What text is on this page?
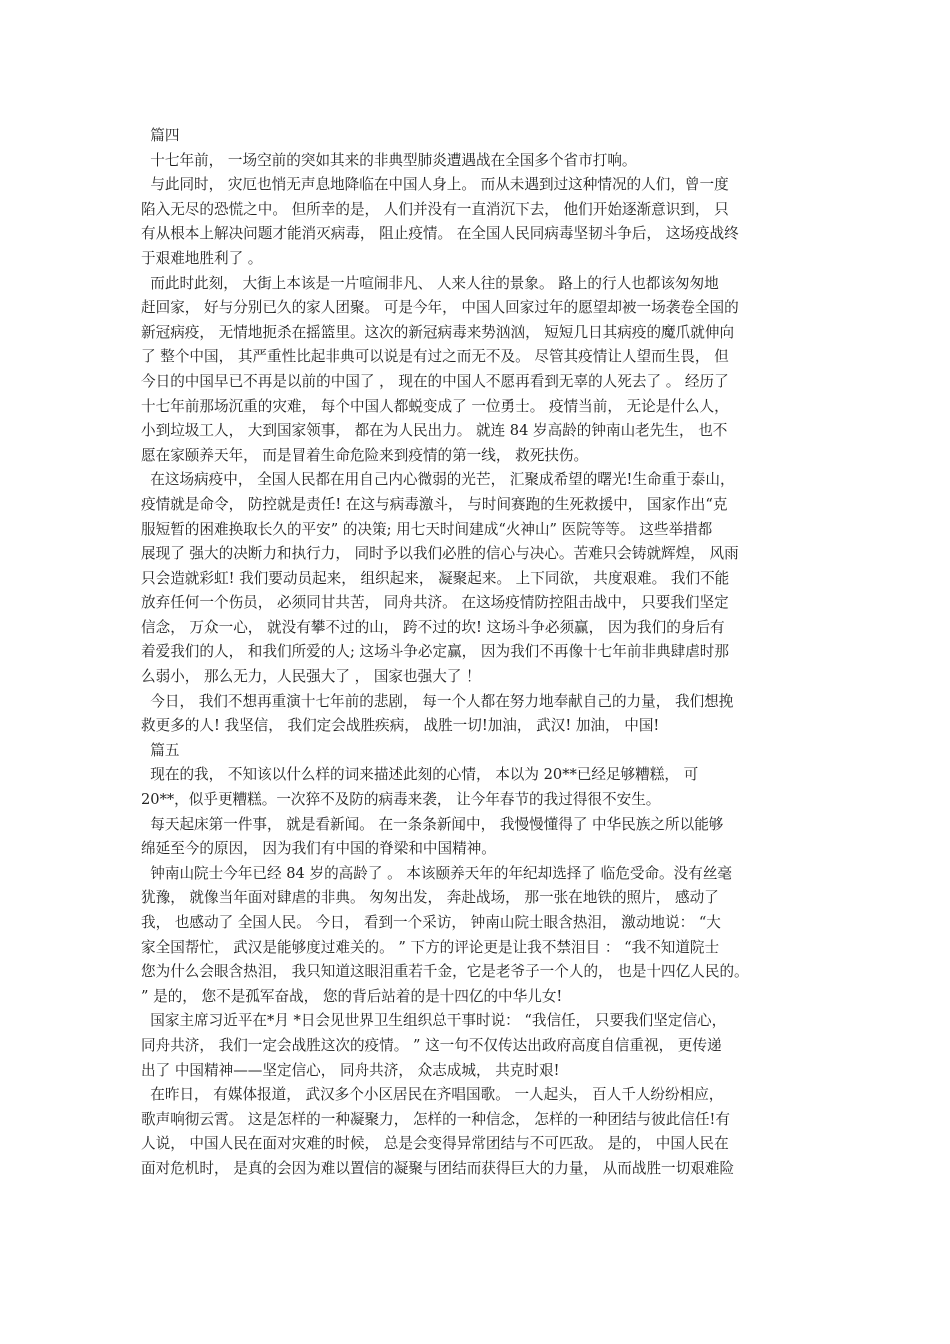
篇四
十七年前， 一场空前的突如其来的非典型肺炎遭遇战在全国多个省市打响。
与此同时， 灾厄也悄无声息地降临在中国人身上。 而从未遇到过这种情况的人们，曾一度
陷入无尽的恐慌之中。 但所幸的是， 人们并没有一直消沉下去， 他们开始逐渐意识到， 只
有从根本上解决问题才能消灭病毒， 阻止疫情。 在全国人民同病毒坚韧斗争后， 这场疫战终
于艰难地胜利了 。
而此时此刻， 大街上本该是一片喧闹非凡、 人来人往的景象。 路上的行人也都该匆匆地
赶回家， 好与分别已久的家人团聚。 可是今年， 中国人回家过年的愿望却被一场袭卷全国的
新冠病疫， 无情地扼杀在摇篮里。这次的新冠病毒来势汹汹， 短短几日其病疫的魔爪就伸向
了 整个中国， 其严重性比起非典可以说是有过之而无不及。 尽管其疫情让人望而生畏， 但
今日的中国早已不再是以前的中国了 ， 现在的中国人不愿再看到无辜的人死去了 。 经历了
十七年前那场沉重的灾难， 每个中国人都蜕变成了 一位勇士。 疫情当前， 无论是什么人，
小到垃圾工人， 大到国家领事， 都在为人民出力。 就连 84 岁高龄的钟南山老先生， 也不
愿在家颐养天年， 而是冒着生命危险来到疫情的第一线， 救死扶伤。
在这场病疫中， 全国人民都在用自己内心微弱的光芒， 汇聚成希望的曙光!生命重于泰山，
疫情就是命令， 防控就是责任! 在这与病毒激斗， 与时间赛跑的生死救援中， 国家作出“克
服短暂的困难换取长久的平安” 的决策; 用七天时间建成“火神山” 医院等等。 这些举措都
展现了 强大的决断力和执行力， 同时予以我们必胜的信心与决心。苦难只会铸就辉煌， 风雨
只会造就彩虹! 我们要动员起来， 组织起来， 凝聚起来。 上下同欲， 共度艰难。 我们不能
放弃任何一个伤员， 必须同甘共苦， 同舟共济。 在这场疫情防控阻击战中， 只要我们坚定
信念， 万众一心， 就没有攀不过的山， 跨不过的坎! 这场斗争必须赢， 因为我们的身后有
着爱我们的人， 和我们所爱的人; 这场斗争必定赢， 因为我们不再像十七年前非典肆虐时那
么弱小， 那么无力，人民强大了 ， 国家也强大了 ！
今日， 我们不想再重演十七年前的悲剧， 每一个人都在努力地奉献自己的力量， 我们想挽
救更多的人! 我坚信， 我们定会战胜疾病， 战胜一切!加油， 武汉! 加油， 中国!
篇五
现在的我， 不知该以什么样的词来描述此刻的心情， 本以为 20**已经足够糟糕， 可
20**，似乎更糟糕。一次猝不及防的病毒来袭， 让今年春节的我过得很不安生。
每天起床第一件事， 就是看新闻。 在一条条新闻中， 我慢慢懂得了 中华民族之所以能够
绵延至今的原因， 因为我们有中国的脊梁和中国精神。
钟南山院士今年已经 84 岁的高龄了 。 本该颐养天年的年纪却选择了 临危受命。没有丝毫
犹豫， 就像当年面对肆虐的非典。 匆匆出发， 奔赴战场， 那一张在地铁的照片， 感动了
我， 也感动了 全国人民。 今日， 看到一个采访， 钟南山院士眼含热泪， 激动地说： “大
家全国帮忙， 武汉是能够度过难关的。 ” 下方的评论更是让我不禁泪目 ： “我不知道院士
您为什么会眼含热泪， 我只知道这眼泪重若千金，它是老爷子一个人的， 也是十四亿人民的。
” 是的， 您不是孤军奋战， 您的背后站着的是十四亿的中华儿女!
国家主席习近平在*月 *日会见世界卫生组织总干事时说： “我信任， 只要我们坚定信心，
同舟共济， 我们一定会战胜这次的疫情。 ” 这一句不仅传达出政府高度自信重视， 更传递
出了 中国精神——坚定信心， 同舟共济， 众志成城， 共克时艰!
在昨日， 有媒体报道， 武汉多个小区居民在齐唱国歌。 一人起头， 百人千人纷纷相应，
歌声响彻云霄。 这是怎样的一种凝聚力， 怎样的一种信念， 怎样的一种团结与彼此信任!有
人说， 中国人民在面对灾难的时候， 总是会变得异常团结与不可匹敌。 是的， 中国人民在
面对危机时， 是真的会因为难以置信的凝聚与团结而获得巨大的力量， 从而战胜一切艰难险
